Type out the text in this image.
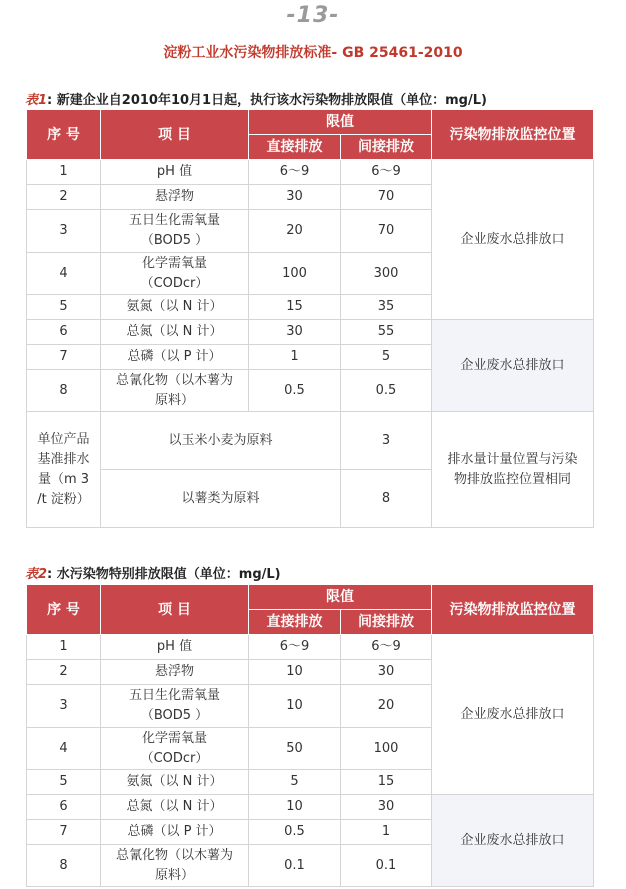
-13-
淀粉工业水污染物排放标准- GB 25461-2010
表1: 新建企业自2010年10月1日起，执行该水污染物排放限值（单位：mg/L)
序 号	项 目	限值		污染物排放监控位置
		直接排放	间接排放	
1	pH 值	6～9	6～9	企业废水总排放口
2	悬浮物	30	70	
3	五日生化需氧量
（BOD5 ）	20	70	
4	化学需氧量
（CODcr）	100	300	
5	氨氮（以 N 计）	15	35	
6	总氮（以 N 计）	30	55	企业废水总排放口
7	总磷（以 P 计）	1	5	
8	总氰化物（以木薯为
原料）	0.5	0.5	

单位产品
基准排水
量（m 3
/t 淀粉）	以玉米小麦为原料		3	排水量计量位置与污染
物排放监控位置相同

	以薯类为原料		8	
表2: 水污染物特别排放限值（单位：mg/L)
序 号	项 目	限值		污染物排放监控位置
		直接排放	间接排放	
1	pH 值	6～9	6～9	企业废水总排放口
2	悬浮物	10	30	
3	五日生化需氧量
（BOD5 ）	10	20	
4	化学需氧量
（CODcr）	50	100	
5	氨氮（以 N 计）	5	15	
6	总氮（以 N 计）	10	30	企业废水总排放口
7	总磷（以 P 计）	0.5	1	
8	总氰化物（以木薯为
原料）	0.1	0.1	
